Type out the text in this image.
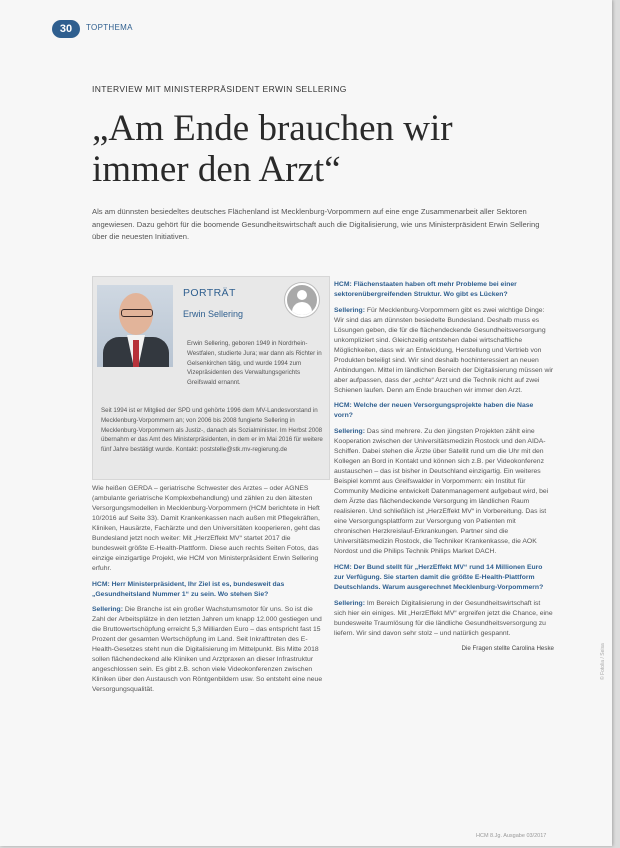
30	TOPTHEMA
INTERVIEW MIT MINISTERPRÄSIDENT ERWIN SELLERING
„Am Ende brauchen wir immer den Arzt“
Als am dünnsten besiedeltes deutsches Flächenland ist Mecklenburg-Vorpommern auf eine enge Zusammenarbeit aller Sektoren angewiesen. Dazu gehört für die boomende Gesundheitswirtschaft auch die Digitalisierung, wie uns Ministerpräsident Erwin Sellering über die neuesten Initiativen.
PORTRÄT
Erwin Sellering
Erwin Sellering, geboren 1949 in Nordrhein-Westfalen, studierte Jura; war dann als Richter in Gelsenkirchen tätig, und wurde 1994 zum Vizepräsidenten des Verwaltungsgerichts Greifswald ernannt.
Seit 1994 ist er Mitglied der SPD und gehörte 1996 dem MV-Landesvorstand in Mecklenburg-Vorpommern an; von 2006 bis 2008 fungierte Sellering in Mecklenburg-Vorpommern als Justiz-, danach als Sozialminister. Im Herbst 2008 übernahm er das Amt des Ministerpräsidenten, in dem er im Mai 2016 für weitere fünf Jahre bestätigt wurde. Kontakt: poststelle@stk.mv-regierung.de

Wie heißen GERDA – geriatrische Schwester des Arztes – oder AGNES (ambulante geriatrische Komplexbehandlung) und zählen zu den ältesten Versorgungsmodellen in Mecklenburg-Vorpommern (HCM berichtete in Heft 10/2016 auf Seite 33). Damit Krankenkassen nach außen mit Pflegekräften, Kliniken, Hausärzte, Fachärzte und den Universitäten kooperieren, geht das Bundesland jetzt noch weiter: Mit „HerzEffekt MV“ startet 2017 die bundesweit größte E-Health-Plattform. Diese auch rechts Seiten Fotos, das einzige einzigartige Projekt, wie HCM von Ministerpräsident Erwin Sellering erfuhr.

HCM: Herr Ministerpräsident, Ihr Ziel ist es, bundesweit das „Gesundheitsland Nummer 1“ zu sein. Wo stehen Sie?

Sellering: Die Branche ist ein großer Wachstumsmotor für uns. So ist die Zahl der Arbeitsplätze in den letzten Jahren um knapp 12.000 gestiegen und die Bruttowertschöpfung erreicht 5,3 Milliarden Euro – das entspricht fast 15 Prozent der gesamten Wertschöpfung im Land. Seit Inkrafttreten des E-Health-Gesetzes steht nun die Digitalisierung im Mittelpunkt. Bis Mitte 2018 sollen flächendeckend alle Kliniken und Arztpraxen an dieser Infrastruktur angeschlossen sein. Es gibt z.B. schon viele Videokonferenzen zwischen Kliniken über den Austausch von Röntgenbildern usw. So entsteht eine neue Versorgungsqualität.

HCM: Flächenstaaten haben oft mehr Probleme bei einer sektorenübergreifenden Struktur. Wo gibt es Lücken?

Sellering: Für Mecklenburg-Vorpommern gibt es zwei wichtige Dinge: Wir sind das am dünnsten besiedelte Bundesland. Deshalb muss es Lösungen geben, die für die flächendeckende Gesundheitsversorgung unkompliziert sind. Gleichzeitig entstehen dabei wirtschaftliche Möglichkeiten, dass wir an Entwicklung, Herstellung und Vertrieb von Produkten beteiligt sind. Wir sind deshalb hochinteressiert an neuen Anbindungen. Mittel im ländlichen Bereich der Digitalisierung müssen wir aber aufpassen, dass der „echte“ Arzt und die Technik nicht auf zwei Schienen laufen. Denn am Ende brauchen wir immer den Arzt.

HCM: Welche der neuen Versorgungsprojekte haben die Nase vorn?

Sellering: Das sind mehrere. Zu den jüngsten Projekten zählt eine Kooperation zwischen der Universitätsmedizin Rostock und den AIDA-Schiffen. Dabei stehen die Ärzte über Satellit rund um die Uhr mit den Kollegen an Bord in Kontakt und können sich z.B. per Videokonferenz austauschen – das ist bisher in Deutschland einzigartig. Ein weiteres Beispiel kommt aus Greifswalder in Vorpommern: ein Institut für Community Medicine entwickelt Datenmanagement aufgebaut wird, bei dem Ärzte das flächendeckende Versorgung im ländlichen Raum realisieren. Und schließlich ist „HerzEffekt MV“ in Vorbereitung. Das ist eine Versorgungsplattform zur Versorgung von Patienten mit chronischen Herzkreislauf-Erkrankungen. Partner sind die Universitätsmedizin Rostock, die Techniker Krankenkasse, die AOK Nordost und die Philips Technik Philips Market DACH.

HCM: Der Bund stellt für „HerzEffekt MV“ rund 14 Millionen Euro zur Verfügung. Sie starten damit die größte E-Health-Plattform Deutschlands. Warum ausgerechnet Mecklenburg-Vorpommern?

Sellering: Im Bereich Digitalisierung in der Gesundheitswirtschaft ist sich hier ein einiges. Mit „HerzEffekt MV“ ergreifen jetzt die Chance, eine bundesweite Traumlösung für die ländliche Gesundheitsversorgung zu liefern. Wir sind davon sehr stolz – und natürlich gespannt.

Die Fragen stellte Carolina Heske
HCM 8.Jg. Ausgabe 03/2017
© Fotolia / Seisa
